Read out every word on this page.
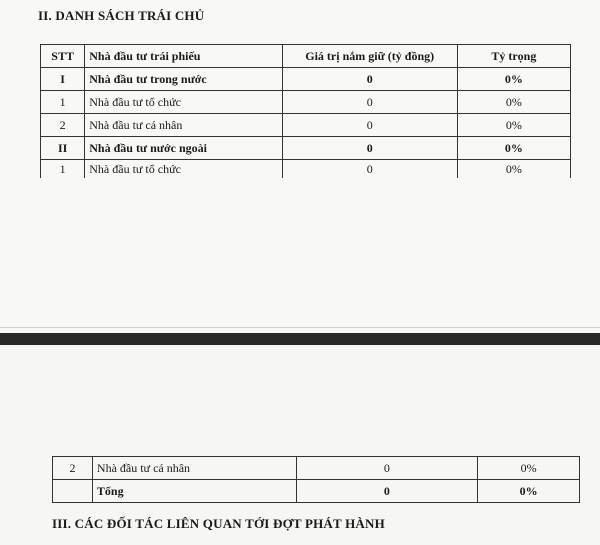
II. DANH SÁCH TRÁI CHỦ
STT	Nhà đầu tư trái phiếu	Giá trị nắm giữ (tỷ đồng)	Tỷ trọng
I	Nhà đầu tư trong nước	0	0%
1	Nhà đầu tư tổ chức	0	0%
2	Nhà đầu tư cá nhân	0	0%
II	Nhà đầu tư nước ngoài	0	0%
1	Nhà đầu tư tổ chức	0	0%
2	Nhà đầu tư cá nhân	0	0%
	Tổng	0	0%
III. CÁC ĐỐI TÁC LIÊN QUAN TỚI ĐỢT PHÁT HÀNH
